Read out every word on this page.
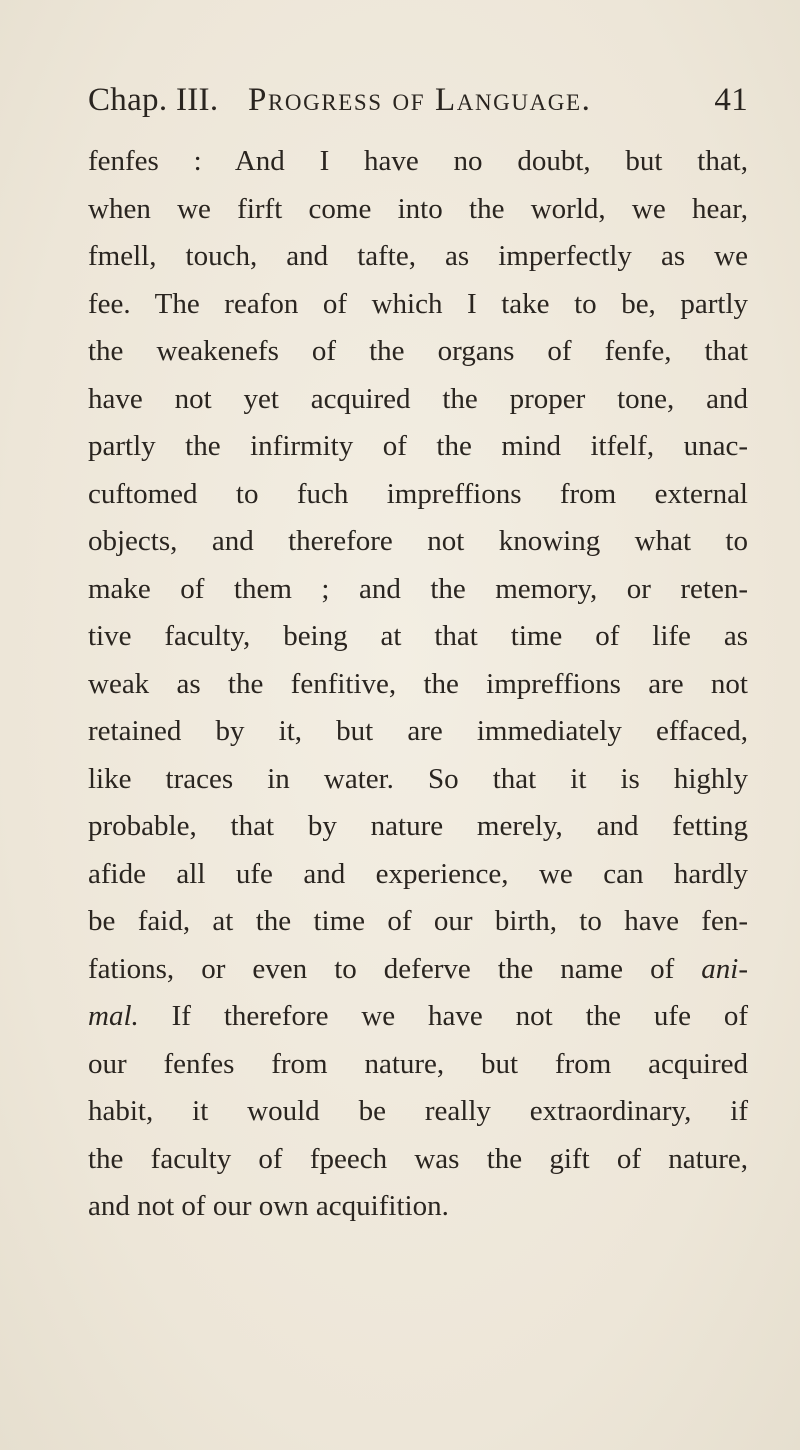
Chap. III. Progress of Language.	41
fenfes : And I have no doubt, but that,
when we firft come into the world, we hear,
fmell, touch, and tafte, as imperfectly as we
fee. The reafon of which I take to be, partly
the weakenefs of the organs of fenfe, that
have not yet acquired the proper tone, and
partly the infirmity of the mind itfelf, unac-
cuftomed to fuch impreffions from external
objects, and therefore not knowing what to
make of them ; and the memory, or reten-
tive faculty, being at that time of life as
weak as the fenfitive, the impreffions are not
retained by it, but are immediately effaced,
like traces in water. So that it is highly
probable, that by nature merely, and fetting
afide all ufe and experience, we can hardly
be faid, at the time of our birth, to have fen-
fations, or even to deferve the name of ani-
mal. If therefore we have not the ufe of
our fenfes from nature, but from acquired
habit, it would be really extraordinary, if
the faculty of fpeech was the gift of nature,
and not of our own acquifition.
